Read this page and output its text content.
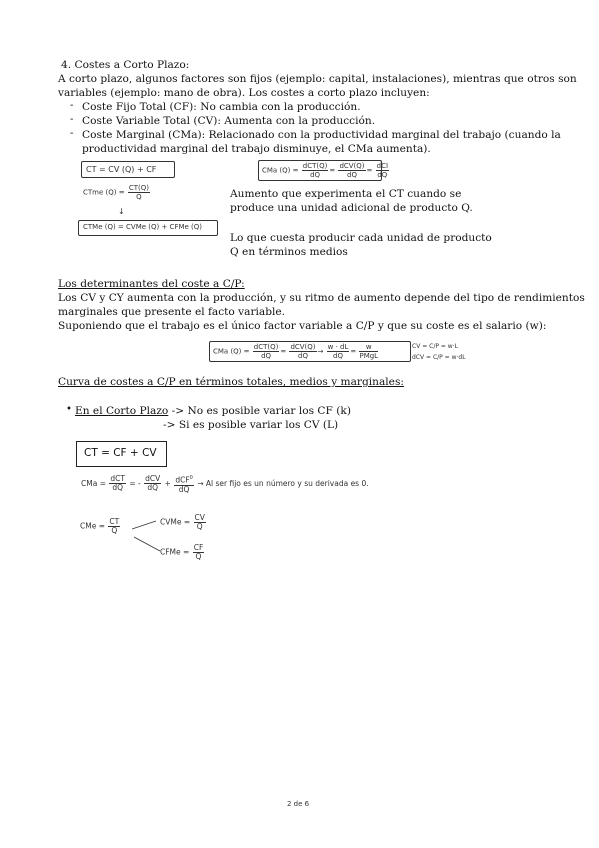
4. Costes a Corto Plazo:
A corto plazo, algunos factores son fijos (ejemplo: capital, instalaciones), mientras que otros son
variables (ejemplo: mano de obra). Los costes a corto plazo incluyen:
- Coste Fijo Total (CF): No cambia con la producción.
- Coste Variable Total (CV): Aumenta con la producción.
- Coste Marginal (CMa): Relacionado con la productividad marginal del trabajo (cuando la
productividad marginal del trabajo disminuye, el CMa aumenta).
CT = CV (Q) + CF
CTme $(Q) = \frac{CT(Q)}{Q}$
↓
CTMe (Q) = CVMe (Q) + CFMe (Q)
CMa $(Q) = \frac{\text{dCT(Q)}}{dQ} = \frac{\text{dCV(Q)}}{dQ} = \frac{\text{dCI}}{dQ}$
Aumento que experimenta el CT cuando se
produce una unidad adicional de producto Q.
Lo que cuesta producir cada unidad de producto
Q en términos medios
Los determinantes del coste a C/P:
Los CV y CY aumenta con la producción, y su ritmo de aumento depende del tipo de rendimientos
marginales que presente el facto variable.
Suponiendo que el trabajo es el único factor variable a C/P y que su coste es el salario (w):
CMa $(Q) = \frac{\text{dCT(Q)}}{dQ} = \frac{\text{dCV(Q)}}{dQ} \to \frac{w \cdot dL}{dQ} = \frac{w}{\text{PMgL}}$	CV = C/P = w·L
dCV = C/P = w·dL
Curva de costes a C/P en términos totales, medios y marginales:
• En el Corto Plazo -> No es posible variar los CF (k)
-> Si es posible variar los CV (L)
CT = CF + CV
CMa = $\frac{\text{dCT}}{dQ}$ = - $\frac{\text{dCV}}{dQ} + \frac{dCF^0}{dQ} \to Al$ ser fijo es un número y su derivada es 0.
CMe = $\frac{CT}{Q}$	CVMe = $\frac{CV}{Q}$
CFMe = $\frac{CF}{Q}$
2 de 6
